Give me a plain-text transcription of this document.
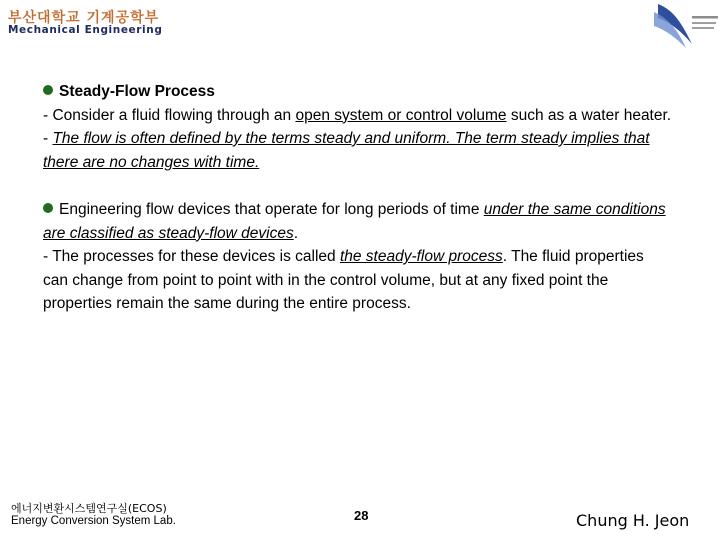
부산대학교 기계공학부
Mechanical Engineering

Steady-Flow Process
- Consider a fluid flowing through an open system or control volume such as a water heater.
- The flow is often defined by the terms steady and uniform. The term steady implies that there are no changes with time.

Engineering flow devices that operate for long periods of time under the same conditions are classified as steady-flow devices.
- The processes for these devices is called the steady-flow process. The fluid properties can change from point to point with in the control volume, but at any fixed point the properties remain the same during the entire process.

에너지변환시스템연구실(ECOS)
Energy Conversion System Lab.	28	Chung H. Jeon
